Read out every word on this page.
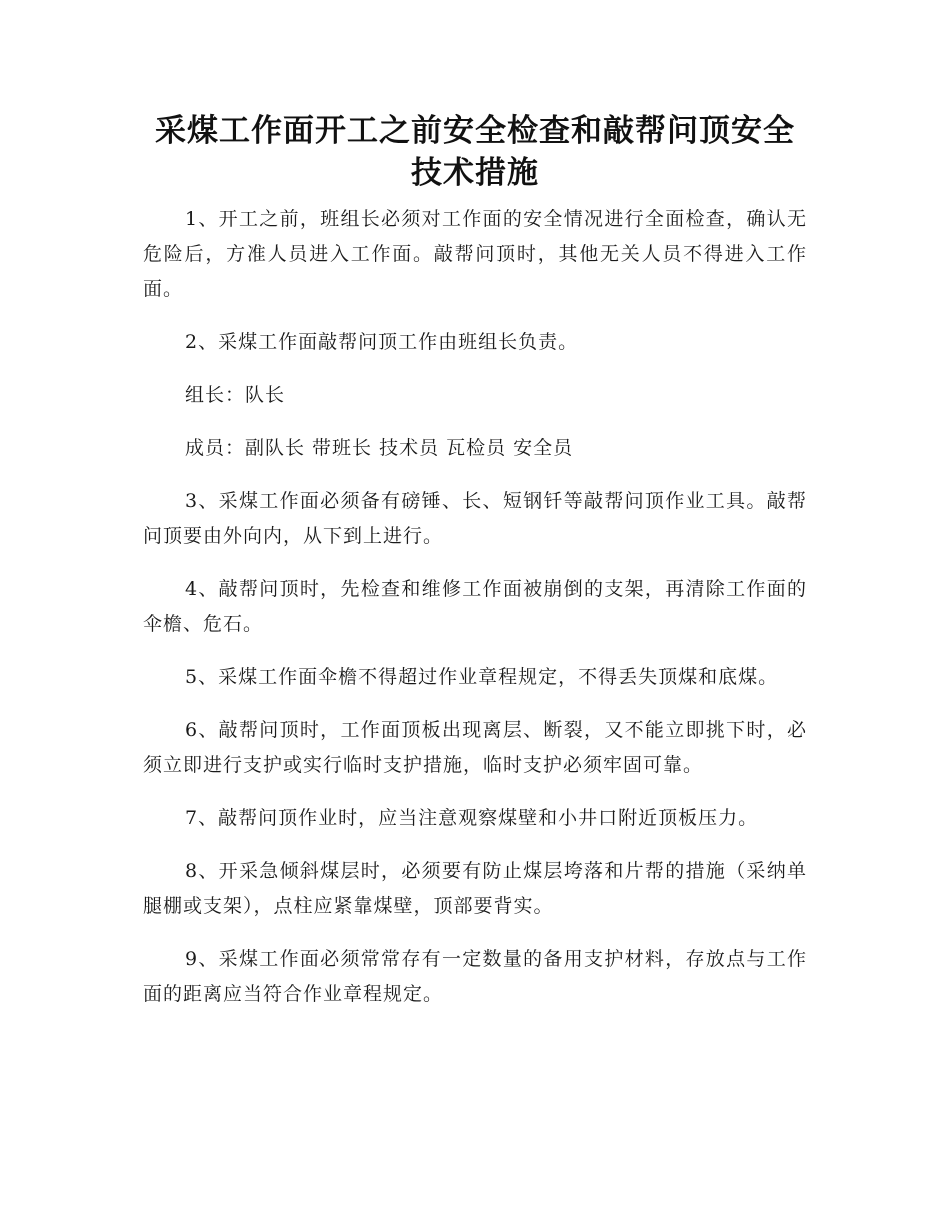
采煤工作面开工之前安全检查和敲帮问顶安全技术措施

1、开工之前，班组长必须对工作面的安全情况进行全面检查，确认无危险后，方准人员进入工作面。敲帮问顶时，其他无关人员不得进入工作面。

2、采煤工作面敲帮问顶工作由班组长负责。

组长：队长

成员：副队长 带班长 技术员 瓦检员 安全员

3、采煤工作面必须备有磅锤、长、短钢钎等敲帮问顶作业工具。敲帮问顶要由外向内，从下到上进行。

4、敲帮问顶时，先检查和维修工作面被崩倒的支架，再清除工作面的伞檐、危石。

5、采煤工作面伞檐不得超过作业章程规定，不得丢失顶煤和底煤。

6、敲帮问顶时，工作面顶板出现离层、断裂，又不能立即挑下时，必须立即进行支护或实行临时支护措施，临时支护必须牢固可靠。

7、敲帮问顶作业时，应当注意观察煤壁和小井口附近顶板压力。

8、开采急倾斜煤层时，必须要有防止煤层垮落和片帮的措施（采纳单腿棚或支架），点柱应紧靠煤壁，顶部要背实。

9、采煤工作面必须常常存有一定数量的备用支护材料，存放点与工作面的距离应当符合作业章程规定。
